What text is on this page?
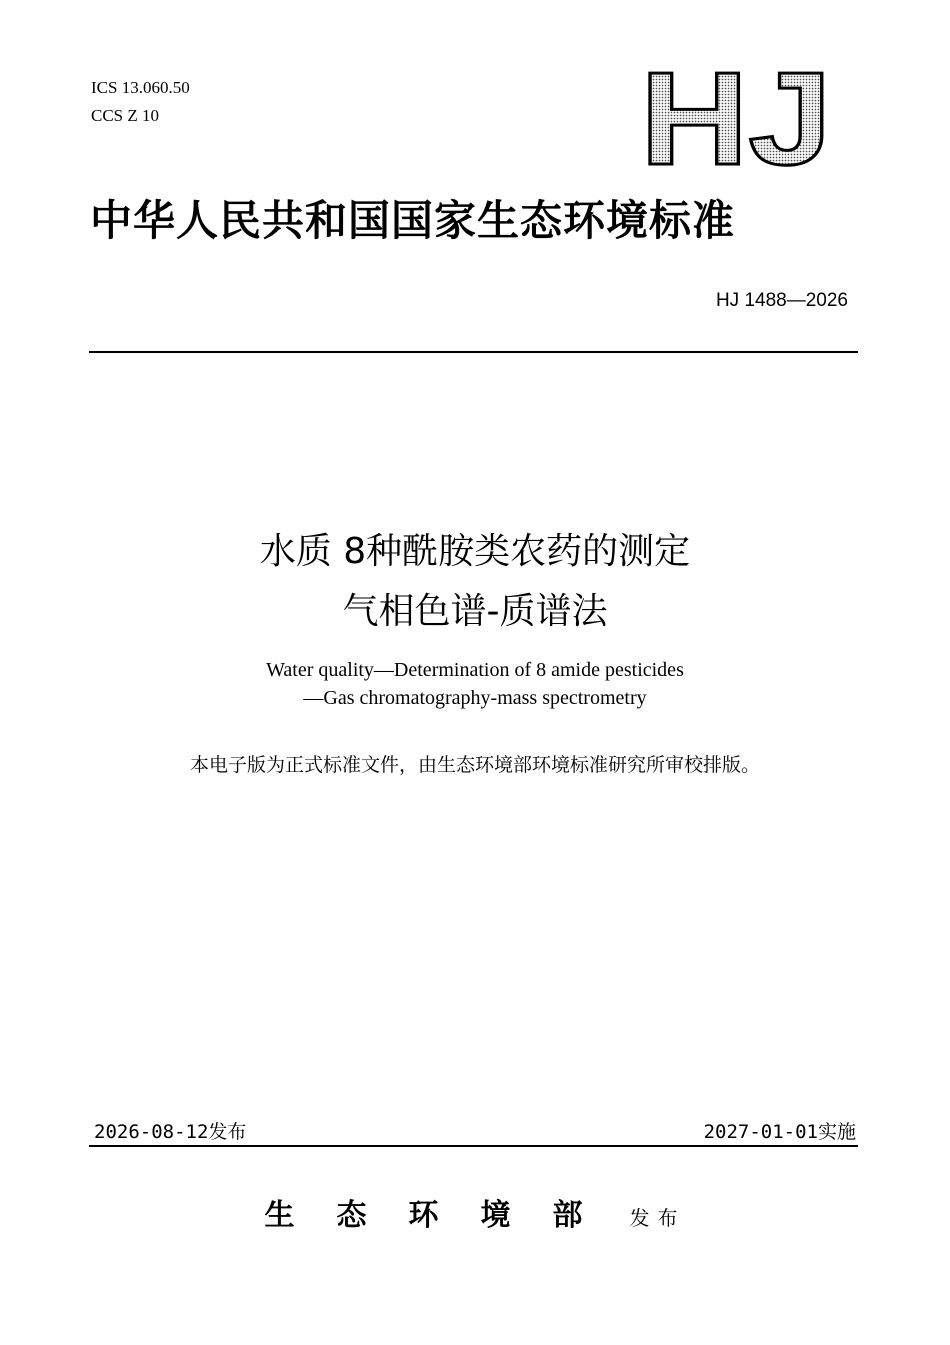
ICS 13.060.50
CCS Z 10	HJ
中华人民共和国国家生态环境标准
HJ 1488—2026
水质 8种酰胺类农药的测定
气相色谱-质谱法
Water quality—Determination of 8 amide pesticides
—Gas chromatography-mass spectrometry
本电子版为正式标准文件，由生态环境部环境标准研究所审校排版。
2026-08-12发布	2027-01-01实施
生态环境部 发布
